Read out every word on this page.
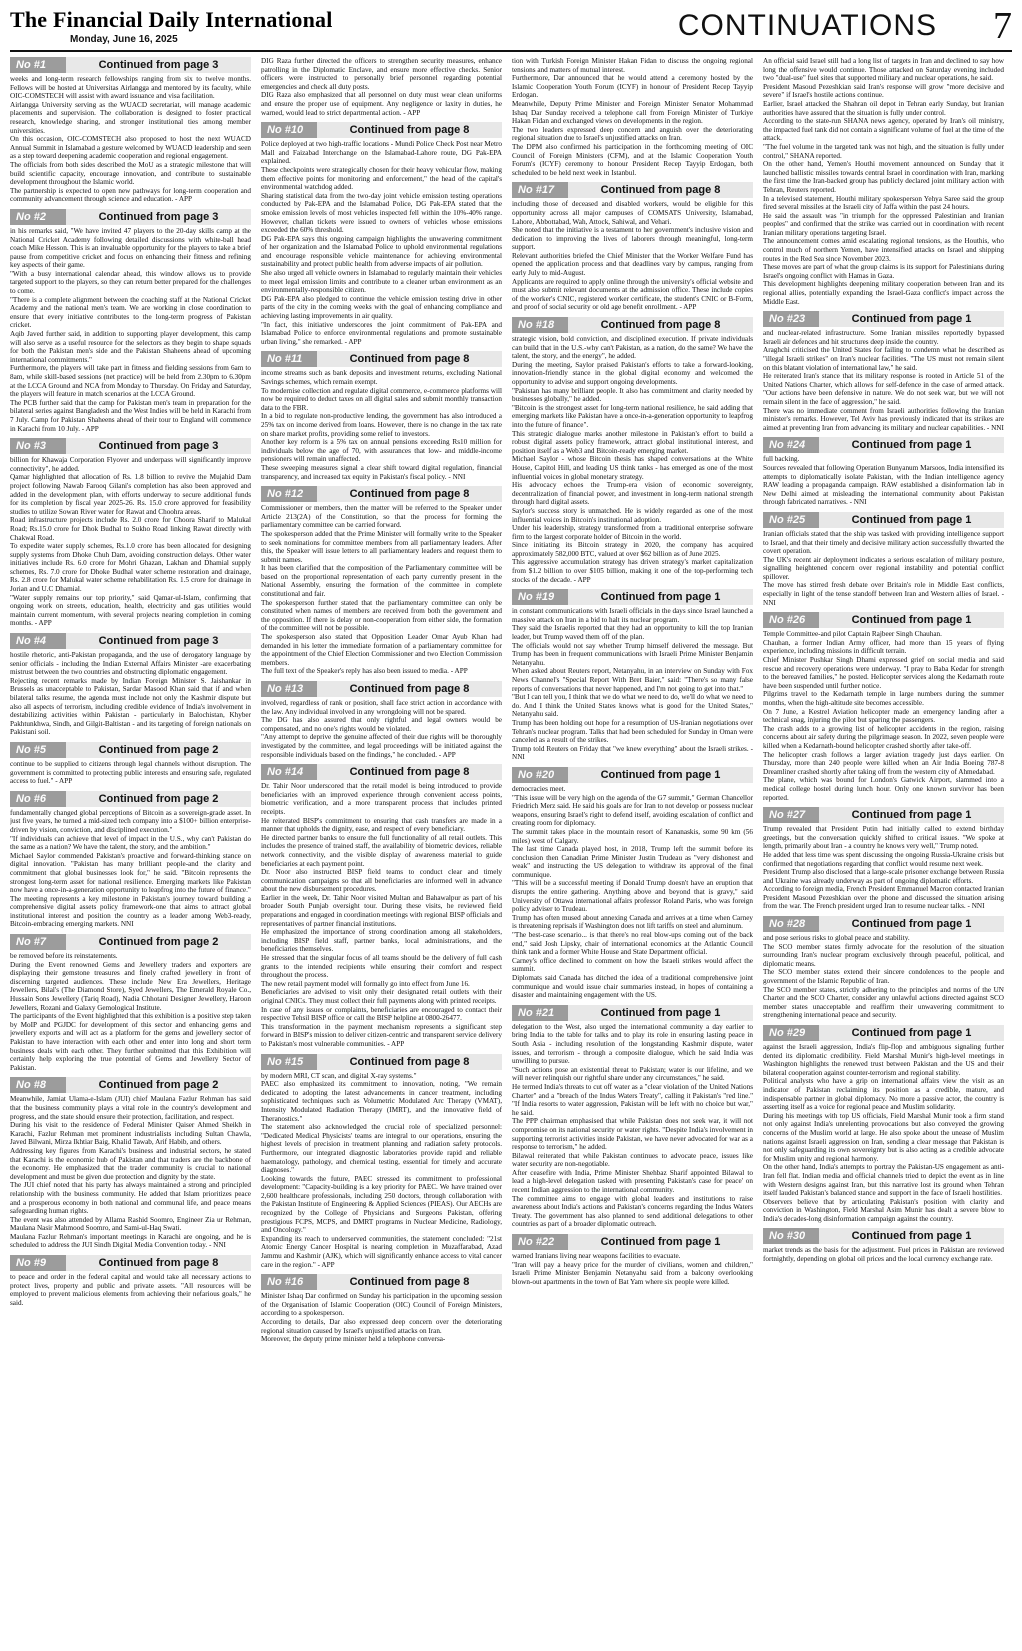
The Financial Daily International
Monday, June 16, 2025	CONTINUATIONS 7
No #1	Continued from page 3

weeks and long-term research fellowships ranging from six to twelve months. Fellows will be hosted at Universitas Airlangga and mentored by its faculty, while OIC-COMSTECH will assist with award issuance and visa facilitation.

Airlangga University serving as the WUACD secretariat, will manage academic placements and supervision. The collaboration is designed to foster practical research, knowledge sharing, and stronger institutional ties among member universities.

On this occasion, OIC-COMSTECH also proposed to host the next WUACD Annual Summit in Islamabad a gesture welcomed by WUACD leadership and seen as a step toward deepening academic cooperation and regional engagement.

The officials from both sides described the MoU as a strategic milestone that will build scientific capacity, encourage innovation, and contribute to sustainable development throughout the Islamic world.

The partnership is expected to open new pathways for long-term cooperation and community advancement through science and education. - APP

No #2	Continued from page 3

in his remarks said, "We have invited 47 players to the 20-day skills camp at the National Cricket Academy following detailed discussions with white-ball head coach Mike Hesson. This is an invaluable opportunity for the players to take a brief pause from competitive cricket and focus on enhancing their fitness and refining key aspects of their game.

"With a busy international calendar ahead, this window allows us to provide targeted support to the players, so they can return better prepared for the challenges to come.

"There is a complete alignment between the coaching staff at the National Cricket Academy and the national men's team. We are working in close coordination to ensure that every initiative contributes to the long-term progress of Pakistan cricket.

Aqib Javed further said, in addition to supporting player development, this camp will also serve as a useful resource for the selectors as they begin to shape squads for both the Pakistan men's side and the Pakistan Shaheens ahead of upcoming international commitments."

Furthermore, the players will take part in fitness and fielding sessions from 6am to 8am, while skill-based sessions (net practice) will be held from 2.30pm to 6.30pm at the LCCA Ground and NCA from Monday to Thursday. On Friday and Saturday, the players will feature in match scenarios at the LCCA Ground.

The PCB further said that the camp for Pakistan men's team in preparation for the bilateral series against Bangladesh and the West Indies will be held in Karachi from 7 July. Camp for Pakistan Shaheens ahead of their tour to England will commence in Karachi from 10 July. - APP

No #3	Continued from page 3

billion for Khawaja Corporation Flyover and underpass will significantly improve connectivity", he added.

Qamar highlighted that allocation of Rs. 1.8 billion to revive the Mujahid Dam project following Nawab Farooq Gilani's completion has also been approved and added in the development plan, with efforts underway to secure additional funds for its completion by fiscal year 2025-26. Rs. 15.0 crore approved for feasibility studies to utilize Sowan River water for Rawat and Choohra areas.

Road infrastructure projects include Rs. 2.0 crore for Choora Sharif to Malukal Road; Rs.15.0 crore for Dhok Budhal to Sukho Road linking Rawat directly with Chakwal Road.

To expedite water supply schemes, Rs.1.0 crore has been allocated for designing supply systems from Dhoke Chuh Dam, avoiding construction delays. Other water initiatives include Rs. 6.0 crore for Mohri Ghazan, Lakhan and Dhamial supply schemes, Rs. 7.0 crore for Dhoke Budhal water scheme restoration and drainage, Rs. 2.8 crore for Malukal water scheme rehabilitation Rs. 1.5 crore for drainage in Jorian and U.C Dhamial.

"Water supply remains our top priority," said Qamar-ul-Islam, confirming that ongoing work on streets, education, health, electricity and gas utilities would maintain current momentum, with several projects nearing completion in coming months. - APP

No #4	Continued from page 3

hostile rhetoric, anti-Pakistan propaganda, and the use of derogatory language by senior officials - including the Indian External Affairs Minister -are exacerbating mistrust between the two countries and obstructing diplomatic engagement.

Rejecting recent remarks made by Indian Foreign Minister S. Jaishankar in Brussels as unacceptable to Pakistan, Sardar Masood Khan said that if and when bilateral talks resume, the agenda must include not only the Kashmir dispute but also all aspects of terrorism, including credible evidence of India's involvement in destabilizing activities within Pakistan - particularly in Balochistan, Khyber Pakhtunkhwa, Sindh, and Gilgit-Baltistan - and its targeting of foreign nationals on Pakistani soil.

No #5	Continued from page 2

continue to be supplied to citizens through legal channels without disruption. The government is committed to protecting public interests and ensuring safe, regulated access to fuel." - APP

No #6	Continued from page 2

fundamentally changed global perceptions of Bitcoin as a sovereign-grade asset. In just five years, he turned a mid-sized tech company into a $100+ billion enterprise-driven by vision, conviction, and disciplined execution."

"If individuals can achieve that level of impact in the U.S., why can't Pakistan do the same as a nation? We have the talent, the story, and the ambition."

Michael Saylor commended Pakistan's proactive and forward-thinking stance on digital innovation. "Pakistan has many brilliant people-and the clarity and commitment that global businesses look for," he said. "Bitcoin represents the strongest long-term asset for national resilience. Emerging markets like Pakistan now have a once-in-a-generation opportunity to leapfrog into the future of finance."

The meeting represents a key milestone in Pakistan's journey toward building a comprehensive digital assets policy framework-one that aims to attract global institutional interest and position the country as a leader among Web3-ready, Bitcoin-embracing emerging markets. NNI

No #7	Continued from page 2

be removed before its reinstatements.

During the Event renowned Gems and Jewellery traders and exporters are displaying their gemstone treasures and finely crafted jewellery in front of discerning targeted audiences. These include New Era Jewellers, Heritage Jewellers, Bilal's (The Diamond Store), Syed Jewellers, The Emerald Royale Co., Hussain Sons Jewellery (Tariq Road), Nadia Chhotani Designer Jewellery, Haroon Jewellers, Rozani and Galaxy Gemological Institute.

The participants of the Event highlighted that this exhibition is a positive step taken by MoIP and PGJDC for development of this sector and enhancing gems and jewellery exports and will act as a platform for the gems and jewellery sector of Pakistan to have interaction with each other and enter into long and short term business deals with each other. They further submitted that this Exhibition will certainly help exploring the true potential of Gems and Jewellery Sector of Pakistan.

No #8	Continued from page 2

Meanwhile, Jamiat Ulama-e-Islam (JUI) chief Maulana Fazlur Rehman has said that the business community plays a vital role in the country's development and progress, and the state should ensure their protection, facilitation, and respect.

During his visit to the residence of Federal Minister Qaiser Ahmed Sheikh in Karachi, Fazlur Rehman met prominent industrialists including Sultan Chawla, Javed Bilwani, Mirza Ikhtiar Baig, Khalid Tawab, Arif Habib, and others.

Addressing key figures from Karachi's business and industrial sectors, he stated that Karachi is the economic hub of Pakistan and that traders are the backbone of the economy. He emphasized that the trader community is crucial to national development and must be given due protection and dignity by the state.

The JUI chief noted that his party has always maintained a strong and principled relationship with the business community. He added that Islam prioritizes peace and a prosperous economy in both national and communal life, and peace means safeguarding human rights.

The event was also attended by Allama Rashid Soomro, Engineer Zia ur Rehman, Maulana Nasir Mahmood Soomro, and Sami-ul-Haq Swati.

Maulana Fazlur Rehman's important meetings in Karachi are ongoing, and he is scheduled to address the JUI Sindh Digital Media Convention today. - NNI

No #9	Continued from page 8

to peace and order in the federal capital and would take all necessary actions to protect lives, property and public and private assets. "All resources will be employed to prevent malicious elements from achieving their nefarious goals," he said.

DIG Raza further directed the officers to strengthen security measures, enhance patrolling in the Diplomatic Enclave, and ensure more effective checks. Senior officers were instructed to personally brief personnel regarding potential emergencies and check all duty posts.

DIG Raza also emphasized that all personnel on duty must wear clean uniforms and ensure the proper use of equipment. Any negligence or laxity in duties, he warned, would lead to strict departmental action. - APP

No #10	Continued from page 8

Police deployed at two high-traffic locations - Mundi Police Check Post near Metro Mall and Faizabad Interchange on the Islamabad-Lahore route, DG Pak-EPA explained.

These checkpoints were strategically chosen for their heavy vehicular flow, making them effective points for monitoring and enforcement," the head of the capital's environmental watchdog added.

Sharing statistical data from the two-day joint vehicle emission testing operations conducted by Pak-EPA and the Islamabad Police, DG Pak-EPA stated that the smoke emission levels of most vehicles inspected fell within the 10%-40% range. However, challan tickets were issued to owners of vehicles whose emissions exceeded the 60% threshold.

DG Pak-EPA says this ongoing campaign highlights the unwavering commitment of her organization and the Islamabad Police to uphold environmental regulations and encourage responsible vehicle maintenance for achieving environmental sustainability and protect public health from adverse impacts of air pollution.

She also urged all vehicle owners in Islamabad to regularly maintain their vehicles to meet legal emission limits and contribute to a cleaner urban environment as an environmentally-responsible citizen.

DG Pak-EPA also pledged to continue the vehicle emission testing drive in other parts of the city in the coming weeks with the goal of enhancing compliance and achieving lasting improvements in air quality.

"In fact, this initiative underscores the joint commitment of Pak-EPA and Islamabad Police to enforce environmental regulations and promote sustainable urban living," she remarked. - APP

No #11	Continued from page 8

income streams such as bank deposits and investment returns, excluding National Savings schemes, which remain exempt.

To modernise collection and regulate digital commerce, e-commerce platforms will now be required to deduct taxes on all digital sales and submit monthly transaction data to the FBR.

In a bid to regulate non-productive lending, the government has also introduced a 25% tax on income derived from loans. However, there is no change in the tax rate on share market profits, providing some relief to investors.

Another key reform is a 5% tax on annual pensions exceeding Rs10 million for individuals below the age of 70, with assurances that low- and middle-income pensioners will remain unaffected.

These sweeping measures signal a clear shift toward digital regulation, financial transparency, and increased tax equity in Pakistan's fiscal policy. - NNI

No #12	Continued from page 8

Commissioner or members, then the matter will be referred to the Speaker under Article 213(2A) of the Constitution, so that the process for forming the parliamentary committee can be carried forward.

The spokesperson added that the Prime Minister will formally write to the Speaker to seek nominations for committee members from all parliamentary leaders. After this, the Speaker will issue letters to all parliamentary leaders and request them to submit names.

It has been clarified that the composition of the Parliamentary committee will be based on the proportional representation of each party currently present in the National Assembly, ensuring the formation of the committee in complete constitutional and fair.

The spokesperson further stated that the parliamentary committee can only be constituted when names of members are received from both the government and the opposition. If there is delay or non-cooperation from either side, the formation of the committee will not be possible.

The spokesperson also stated that Opposition Leader Omar Ayub Khan had demanded in his letter the immediate formation of a parliamentary committee for the appointment of the Chief Election Commissioner and two Election Commission members.

The full text of the Speaker's reply has also been issued to media. - APP

No #13	Continued from page 8

involved, regardless of rank or position, shall face strict action in accordance with the law. Any individual involved in any wrongdoing will not be spared.

The DG has also assured that only rightful and legal owners would be compensated, and no one's rights would be violated.

"Any attempt to deprive the genuine affected of their due rights will be thoroughly investigated by the committee, and legal proceedings will be initiated against the responsible individuals based on the findings," he concluded. - APP

No #14	Continued from page 8

Dr. Tahir Noor underscored that the retail model is being introduced to provide beneficiaries with an improved experience through convenient access points, biometric verification, and a more transparent process that includes printed receipts.

He reiterated BISP's commitment to ensuring that cash transfers are made in a manner that upholds the dignity, ease, and respect of every beneficiary.

He directed partner banks to ensure the full functionality of all retail outlets. This includes the presence of trained staff, the availability of biometric devices, reliable network connectivity, and the visible display of awareness material to guide beneficiaries at each payment point.

Dr. Noor also instructed BISP field teams to conduct clear and timely communication campaigns so that all beneficiaries are informed well in advance about the new disbursement procedures.

Earlier in the week, Dr. Tahir Noor visited Multan and Bahawalpur as part of his broader South Punjab oversight tour. During these visits, he reviewed field preparations and engaged in coordination meetings with regional BISP officials and representatives of partner financial institutions.

He emphasized the importance of strong coordination among all stakeholders, including BISP field staff, partner banks, local administrations, and the beneficiaries themselves.

He stressed that the singular focus of all teams should be the delivery of full cash grants to the intended recipients while ensuring their comfort and respect throughout the process.

The new retail payment model will formally go into effect from June 16.

Beneficiaries are advised to visit only their designated retail outlets with their original CNICs. They must collect their full payments along with printed receipts.

In case of any issues or complaints, beneficiaries are encouraged to contact their respective Tehsil BISP office or call the BISP helpline at 0800-26477.

This transformation in the payment mechanism represents a significant step forward in BISP's mission to deliver citizen-centric and transparent service delivery to Pakistan's most vulnerable communities. - APP

No #15	Continued from page 8

by modern MRI, CT scan, and digital X-ray systems."

PAEC also emphasized its commitment to innovation, noting, "We remain dedicated to adopting the latest advancements in cancer treatment, including sophisticated techniques such as Volumetric Modulated Arc Therapy (VMAT), Intensity Modulated Radiation Therapy (IMRT), and the innovative field of Theranostics."

The statement also acknowledged the crucial role of specialized personnel: "Dedicated Medical Physicists' teams are integral to our operations, ensuring the highest levels of precision in treatment planning and radiation safety protocols. Furthermore, our integrated diagnostic laboratories provide rapid and reliable haematology, pathology, and chemical testing, essential for timely and accurate diagnoses."

Looking towards the future, PAEC stressed its commitment to professional development: "Capacity-building is a key priority for PAEC. We have trained over 2,600 healthcare professionals, including 250 doctors, through collaboration with the Pakistan Institute of Engineering & Applied Sciences (PIEAS). Our AECHs are recognized by the College of Physicians and Surgeons Pakistan, offering prestigious FCPS, MCPS, and DMRT programs in Nuclear Medicine, Radiology, and Oncology."

Expanding its reach to underserved communities, the statement concluded: "21st Atomic Energy Cancer Hospital is nearing completion in Muzaffarabad, Azad Jammu and Kashmir (AJK), which will significantly enhance access to vital cancer care in the region." - APP

No #16	Continued from page 8

Minister Ishaq Dar confirmed on Sunday his participation in the upcoming session of the Organisation of Islamic Cooperation (OIC) Council of Foreign Ministers, according to a spokesperson.

According to details, Dar also expressed deep concern over the deteriorating regional situation caused by Israel's unjustified attacks on Iran.

Moreover, the deputy prime minister held a telephone conversa-

tion with Turkish Foreign Minister Hakan Fidan to discuss the ongoing regional tensions and matters of mutual interest.

Furthermore, Dar announced that he would attend a ceremony hosted by the Islamic Cooperation Youth Forum (ICYF) in honour of President Recep Tayyip Erdogan.

Meanwhile, Deputy Prime Minister and Foreign Minister Senator Mohammad Ishaq Dar Sunday received a telephone call from Foreign Minister of Turkiye Hakan Fidan and exchanged views on developments in the region.

The two leaders expressed deep concern and anguish over the deteriorating regional situation due to Israel's unjustified attacks on Iran.

The DPM also confirmed his participation in the forthcoming meeting of OIC Council of Foreign Ministers (CFM), and at the Islamic Cooperation Youth Forum's (ICYF) ceremony to honour President Recep Tayyip Erdogan, both scheduled to be held next week in Istanbul.

No #17	Continued from page 8

including those of deceased and disabled workers, would be eligible for this opportunity across all major campuses of COMSATS University, Islamabad, Lahore, Abbottabad, Wah, Attock, Sahiwal, and Vehari.

She noted that the initiative is a testament to her government's inclusive vision and dedication to improving the lives of laborers through meaningful, long-term support.

Relevant authorities briefed the Chief Minister that the Worker Welfare Fund has opened the application process and that deadlines vary by campus, ranging from early July to mid-August.

Applicants are required to apply online through the university's official website and must also submit relevant documents at the admission office. These include copies of the worker's CNIC, registered worker certificate, the student's CNIC or B-Form, and proof of social security or old age benefit enrollment. - APP

No #18	Continued from page 8

strategic vision, bold conviction, and disciplined execution. If private individuals can build that in the U.S.-why can't Pakistan, as a nation, do the same? We have the talent, the story, and the energy", he added.

During the meeting, Saylor praised Pakistan's efforts to take a forward-looking, innovation-friendly stance in the global digital economy and welcomed the opportunity to advise and support ongoing developments.

"Pakistan has many brilliant people. It also has commitment and clarity needed by businesses globally," he added.

"Bitcoin is the strongest asset for long-term national resilience, he said adding that emerging markets like Pakistan have a once-in-a-generation opportunity to leapfrog into the future of finance".

This strategic dialogue marks another milestone in Pakistan's effort to build a robust digital assets policy framework, attract global institutional interest, and position itself as a Web3 and Bitcoin-ready emerging market.

Michael Saylor - whose Bitcoin thesis has shaped conversations at the White House, Capitol Hill, and leading US think tanks - has emerged as one of the most influential voices in global monetary strategy.

His advocacy echoes the Trump-era vision of economic sovereignty, decentralization of financial power, and investment in long-term national strength through hard digital assets.

Saylor's success story is unmatched. He is widely regarded as one of the most influential voices in Bitcoin's institutional adoption.

Under his leadership, strategy transformed from a traditional enterprise software firm to the largest corporate holder of Bitcoin in the world.

Since initiating its Bitcoin strategy in 2020, the company has acquired approximately 582,000 BTC, valued at over $62 billion as of June 2025.

This aggressive accumulation strategy has driven strategy's market capitalization from $1.2 billion to over $105 billion, making it one of the top-performing tech stocks of the decade. - APP

No #19	Continued from page 1

in constant communications with Israeli officials in the days since Israel launched a massive attack on Iran in a bid to halt its nuclear program.

They said the Israelis reported that they had an opportunity to kill the top Iranian leader, but Trump waved them off of the plan.

The officials would not say whether Trump himself delivered the message. But Trump has been in frequent communications with Israeli Prime Minister Benjamin Netanyahu.

When asked about Reuters report, Netanyahu, in an interview on Sunday with Fox News Channel's "Special Report With Bret Baier," said: "There's so many false reports of conversations that never happened, and I'm not going to get into that."

"But I can tell you, I think that we do what we need to do, we'll do what we need to do. And I think the United States knows what is good for the United States," Netanyahu said.

Trump has been holding out hope for a resumption of US-Iranian negotiations over Tehran's nuclear program. Talks that had been scheduled for Sunday in Oman were canceled as a result of the strikes.

Trump told Reuters on Friday that "we knew everything" about the Israeli strikes. - NNI

No #20	Continued from page 1

democracies meet.

"This issue will be very high on the agenda of the G7 summit," German Chancellor Friedrich Merz said. He said his goals are for Iran to not develop or possess nuclear weapons, ensuring Israel's right to defend itself, avoiding escalation of conflict and creating room for diplomacy.

The summit takes place in the mountain resort of Kananaskis, some 90 km (56 miles) west of Calgary.

The last time Canada played host, in 2018, Trump left the summit before its conclusion then Canadian Prime Minister Justin Trudeau as "very dishonest and weak" and instructing the US delegation to withdraw its approval of the final communique.

"This will be a successful meeting if Donald Trump doesn't have an eruption that disrupts the entire gathering. Anything above and beyond that is gravy," said University of Ottawa international affairs professor Roland Paris, who was foreign policy adviser to Trudeau.

Trump has often mused about annexing Canada and arrives at a time when Carney is threatening reprisals if Washington does not lift tariffs on steel and aluminum.

"The best-case scenario... is that there's no real blow-ups coming out of the back end," said Josh Lipsky, chair of international economics at the Atlantic Council think tank and a former White House and State Department official.

Carney's office declined to comment on how the Israeli strikes would affect the summit.

Diplomats said Canada has ditched the idea of a traditional comprehensive joint communique and would issue chair summaries instead, in hopes of containing a disaster and maintaining engagement with the US.

No #21	Continued from page 1

delegation to the West, also urged the international community a day earlier to bring India to the table for talks and to play its role in ensuring lasting peace in South Asia - including resolution of the longstanding Kashmir dispute, water issues, and terrorism - through a composite dialogue, which he said India was unwilling to pursue.

"Such actions pose an existential threat to Pakistan; water is our lifeline, and we will never relinquish our rightful share under any circumstances," he said.

He termed India's threats to cut off water as a "clear violation of the United Nations Charter" and a "breach of the Indus Waters Treaty", calling it Pakistan's "red line." "If India resorts to water aggression, Pakistan will be left with no choice but war," he said.

The PPP chairman emphasised that while Pakistan does not seek war, it will not compromise on its national security or water rights. "Despite India's involvement in supporting terrorist activities inside Pakistan, we have never advocated for war as a response to terrorism," he added.

Bilawal reiterated that while Pakistan continues to advocate peace, issues like water security are non-negotiable.

After ceasefire with India, Prime Minister Shehbaz Sharif appointed Bilawal to lead a high-level delegation tasked with presenting Pakistan's case for peace' on recent Indian aggression to the international community.

The committee aims to engage with global leaders and institutions to raise awareness about India's actions and Pakistan's concerns regarding the Indus Waters Treaty. The government has also planned to send additional delegations to other countries as part of a broader diplomatic outreach.

No #22	Continued from page 1

warned Iranians living near weapons facilities to evacuate.

"Iran will pay a heavy price for the murder of civilians, women and children," Israeli Prime Minister Benjamin Netanyahu said from a balcony overlooking blown-out apartments in the town of Bat Yam where six people were killed.

An official said Israel still had a long list of targets in Iran and declined to say how long the offensive would continue. Those attacked on Saturday evening included two "dual-use" fuel sites that supported military and nuclear operations, he said.

President Masoud Pezeshkian said Iran's response will grow "more decisive and severe" if Israel's hostile actions continue.

Earlier, Israel attacked the Shahran oil depot in Tehran early Sunday, but Iranian authorities have assured that the situation is fully under control.

According to the state-run SHANA news agency, operated by Iran's oil ministry, the impacted fuel tank did not contain a significant volume of fuel at the time of the attack.

"The fuel volume in the targeted tank was not high, and the situation is fully under control," SHANA reported.

On the other hand, Yemen's Houthi movement announced on Sunday that it launched ballistic missiles towards central Israel in coordination with Iran, marking the first time the Iran-backed group has publicly declared joint military action with Tehran, Reuters reported.

In a televised statement, Houthi military spokesperson Yehya Saree said the group fired several missiles at the Israeli city of Jaffa within the past 24 hours.

He said the assault was "in triumph for the oppressed Palestinian and Iranian peoples" and confirmed that the strike was carried out in coordination with recent Iranian military operations targeting Israel.

The announcement comes amid escalating regional tensions, as the Houthis, who control much of northern Yemen, have intensified attacks on Israel and shipping routes in the Red Sea since November 2023.

These moves are part of what the group claims is its support for Palestinians during Israel's ongoing conflict with Hamas in Gaza.

This development highlights deepening military cooperation between Iran and its regional allies, potentially expanding the Israel-Gaza conflict's impact across the Middle East.

No #23	Continued from page 1

and nuclear-related infrastructure. Some Iranian missiles reportedly bypassed Israeli air defences and hit structures deep inside the country.

Araghchi criticised the United States for failing to condemn what he described as "illegal Israeli strikes" on Iran's nuclear facilities. "The US must not remain silent on this blatant violation of international law," he said.

He reiterated Iran's stance that its military response is rooted in Article 51 of the United Nations Charter, which allows for self-defence in the case of armed attack. "Our actions have been defensive in nature. We do not seek war, but we will not remain silent in the face of aggression," he said.

There was no immediate comment from Israeli authorities following the Iranian minister's remarks. However, Tel Aviv has previously indicated that its strikes are aimed at preventing Iran from advancing its military and nuclear capabilities. - NNI

No #24	Continued from page 1

full backing.

Sources revealed that following Operation Bunyanum Marsoos, India intensified its attempts to diplomatically isolate Pakistan, with the Indian intelligence agency RAW leading a propaganda campaign. RAW established a disinformation lab in New Delhi aimed at misleading the international community about Pakistan through fabricated narratives. - NNI

No #25	Continued from page 1

Iranian officials stated that the ship was tasked with providing intelligence support to Israel, and that their timely and decisive military action successfully thwarted the covert operation.

The UK's recent air deployment indicates a serious escalation of military posture, signalling heightened concern over regional instability and potential conflict spillover.

The move has stirred fresh debate over Britain's role in Middle East conflicts, especially in light of the tense standoff between Iran and Western allies of Israel. - NNI

No #26	Continued from page 1

Temple Committee-and pilot Captain Rajbeer Singh Chauhan.

Chauhan, a former Indian Army officer, had more than 15 years of flying experience, including missions in difficult terrain.

Chief Minister Pushkar Singh Dhami expressed grief on social media and said rescue and recovery operations were underway. "I pray to Baba Kedar for strength to the bereaved families," he posted. Helicopter services along the Kedarnath route have been suspended until further notice.

Pilgrims travel to the Kedarnath temple in large numbers during the summer months, when the high-altitude site becomes accessible.

On 7 June, a Kestrel Aviation helicopter made an emergency landing after a technical snag, injuring the pilot but sparing the passengers.

The crash adds to a growing list of helicopter accidents in the region, raising concerns about air safety during the pilgrimage season. In 2022, seven people were killed when a Kedarnath-bound helicopter crashed shortly after take-off.

The helicopter crash follows a larger aviation tragedy just days earlier. On Thursday, more than 240 people were killed when an Air India Boeing 787-8 Dreamliner crashed shortly after taking off from the western city of Ahmedabad.

The plane, which was bound for London's Gatwick Airport, slammed into a medical college hostel during lunch hour. Only one known survivor has been reported.

No #27	Continued from page 1

Trump revealed that President Putin had initially called to extend birthday greetings, but the conversation quickly shifted to critical issues. "We spoke at length, primarily about Iran - a country he knows very well," Trump noted.

He added that less time was spent discussing the ongoing Russia-Ukraine crisis but confirmed that negotiations regarding that conflict would resume next week.

President Trump also disclosed that a large-scale prisoner exchange between Russia and Ukraine was already underway as part of ongoing diplomatic efforts.

According to foreign media, French President Emmanuel Macron contacted Iranian President Masoud Pezeshkian over the phone and discussed the situation arising from the war. The French president urged Iran to resume nuclear talks. - NNI

No #28	Continued from page 1

and pose serious risks to global peace and stability.

The SCO member states firmly advocate for the resolution of the situation surrounding Iran's nuclear program exclusively through peaceful, political, and diplomatic means.

The SCO member states extend their sincere condolences to the people and government of the Islamic Republic of Iran.

The SCO member states, strictly adhering to the principles and norms of the UN Charter and the SCO Charter, consider any unlawful actions directed against SCO member states unacceptable and reaffirm their unwavering commitment to strengthening international peace and security.

No #29	Continued from page 1

against the Israeli aggression, India's flip-flop and ambiguous signaling further dented its diplomatic credibility. Field Marshal Munir's high-level meetings in Washington highlights the renewed trust between Pakistan and the US and their bilateral cooperation against counter-terrorism and regional stability.

Political analysts who have a grip on international affairs view the visit as an indicator of Pakistan reclaiming its position as a credible, mature, and indispensable partner in global diplomacy. No more a passive actor, the country is asserting itself as a voice for regional peace and Muslim solidarity.

During his meetings with top US officials, Field Marshal Munir took a firm stand not only against India's unrelenting provocations but also conveyed the growing concerns of the Muslim world at large. He also spoke about the unease of Muslim nations against Israeli aggression on Iran, sending a clear message that Pakistan is not only safeguarding its own sovereignty but is also acting as a credible advocate for Muslim unity and regional harmony.

On the other hand, India's attempts to portray the Pakistan-US engagement as anti-Iran fell flat. Indian media and official channels tried to depict the event as in line with Western designs against Iran, but this narrative lost its ground when Tehran itself lauded Pakistan's balanced stance and support in the face of Israeli hostilities.

Observers believe that by articulating Pakistan's position with clarity and conviction in Washington, Field Marshal Asim Munir has dealt a severe blow to India's decades-long disinformation campaign against the country.

No #30	Continued from page 1

market trends as the basis for the adjustment. Fuel prices in Pakistan are reviewed fortnightly, depending on global oil prices and the local currency exchange rate.
